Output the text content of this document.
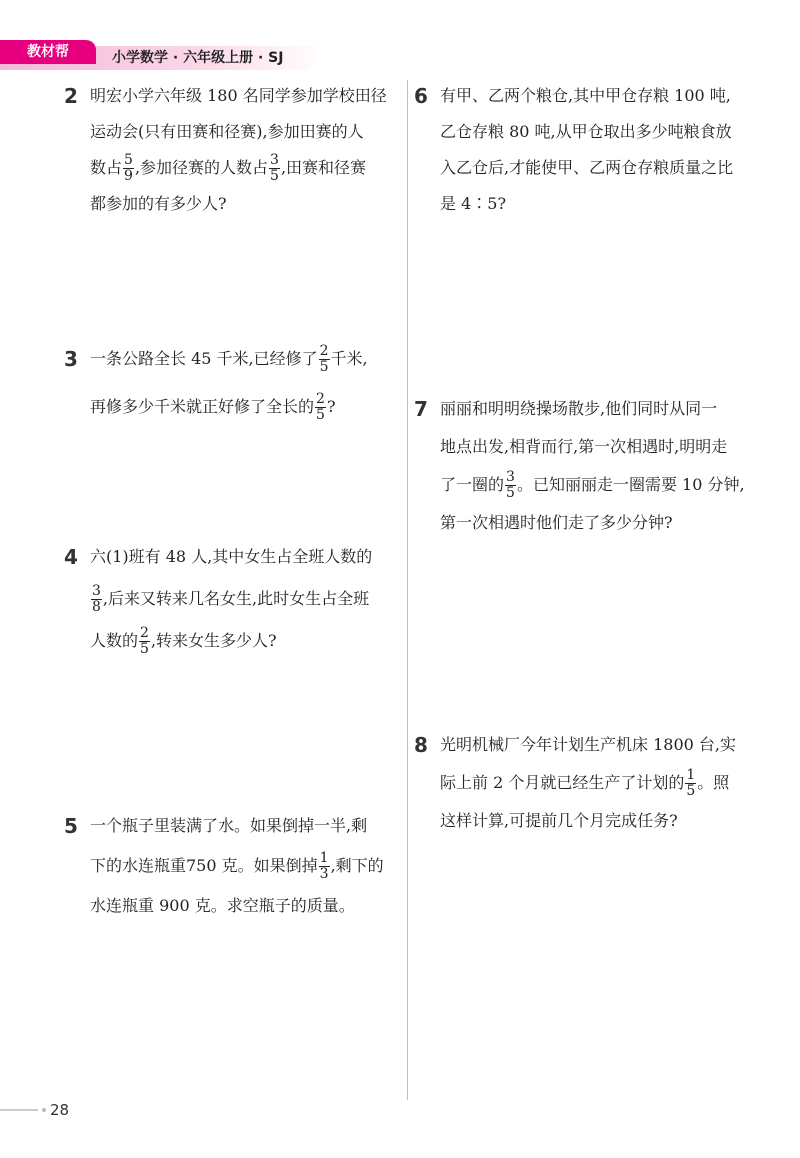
教材帮	小学数学 · 六年级上册 · SJ
2 明宏小学六年级 180 名同学参加学校田径
运动会(只有田赛和径赛),参加田赛的人
数占 $\frac{5}{9}$ ,参加径赛的人数占 $\frac{3}{5}$ ,田赛和径赛
都参加的有多少人?
3 一条公路全长 45 千米,已经修了 $\frac{2}{5}$ 千米,
再修多少千米就正好修了全长的 $\frac{2}{5}$ ?
4 六(1)班有 48 人,其中女生占全班人数的
$\frac{3}{8}$ ,后来又转来几名女生,此时女生占全班
人数的 $\frac{2}{5}$ ,转来女生多少人?
5 一个瓶子里装满了水。如果倒掉一半,剩
下的水连瓶重750 克。如果倒掉 $\frac{1}{3}$ ,剩下的
水连瓶重 900 克。求空瓶子的质量。
6 有甲、乙两个粮仓,其中甲仓存粮 100 吨,
乙仓存粮 80 吨,从甲仓取出多少吨粮食放
入乙仓后,才能使甲、乙两仓存粮质量之比
是 4∶5?
7 丽丽和明明绕操场散步,他们同时从同一
地点出发,相背而行,第一次相遇时,明明走
了一圈的 $\frac{3}{5}$ 。已知丽丽走一圈需要 10 分钟,
第一次相遇时他们走了多少分钟?
8 光明机械厂今年计划生产机床 1800 台,实
际上前 2 个月就已经生产了计划的 $\frac{1}{5}$ 。照
这样计算,可提前几个月完成任务?
28
